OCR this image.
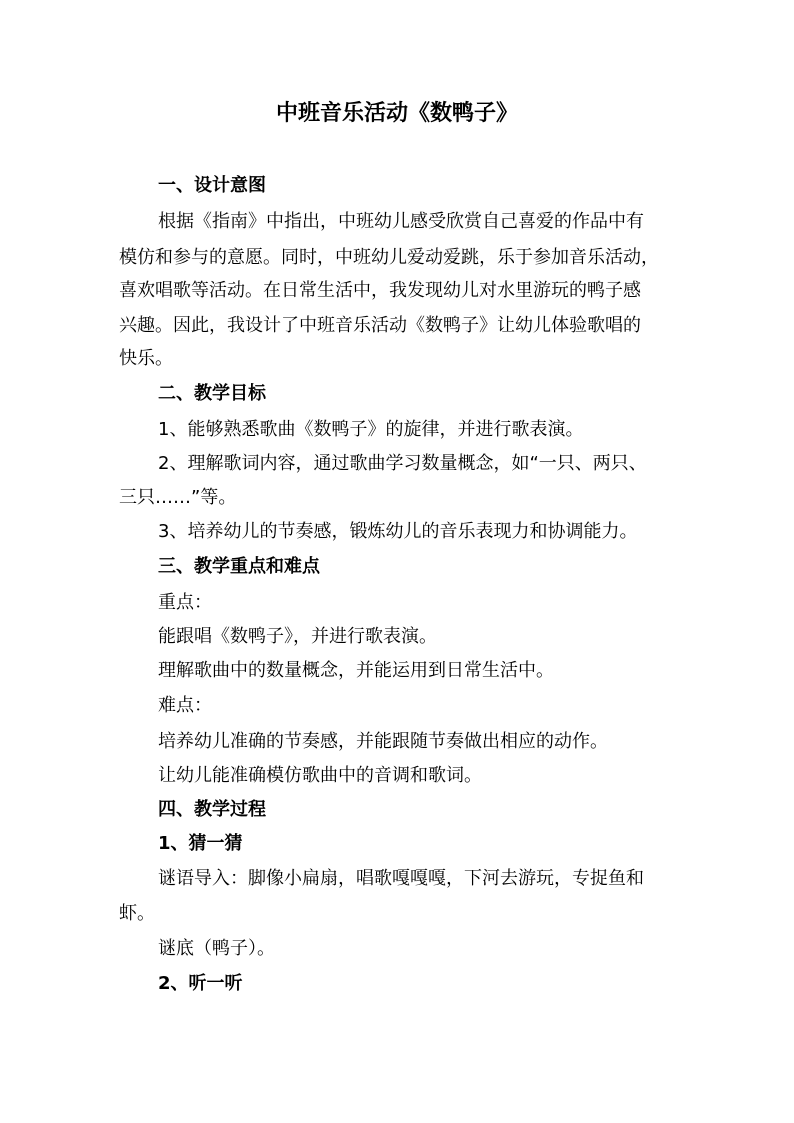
中班音乐活动《数鸭子》
一、设计意图
根据《指南》中指出，中班幼儿感受欣赏自己喜爱的作品中有
模仿和参与的意愿。同时，中班幼儿爱动爱跳，乐于参加音乐活动，
喜欢唱歌等活动。在日常生活中，我发现幼儿对水里游玩的鸭子感
兴趣。因此，我设计了中班音乐活动《数鸭子》让幼儿体验歌唱的
快乐。
二、教学目标
1、能够熟悉歌曲《数鸭子》的旋律，并进行歌表演。
2、理解歌词内容，通过歌曲学习数量概念，如“一只、两只、
三只……”等。
3、培养幼儿的节奏感，锻炼幼儿的音乐表现力和协调能力。
三、教学重点和难点
重点：
能跟唱《数鸭子》，并进行歌表演。
理解歌曲中的数量概念，并能运用到日常生活中。
难点：
培养幼儿准确的节奏感，并能跟随节奏做出相应的动作。
让幼儿能准确模仿歌曲中的音调和歌词。
四、教学过程
1、猜一猜
谜语导入：脚像小扁扇，唱歌嘎嘎嘎，下河去游玩，专捉鱼和
虾。
谜底（鸭子）。
2、听一听
